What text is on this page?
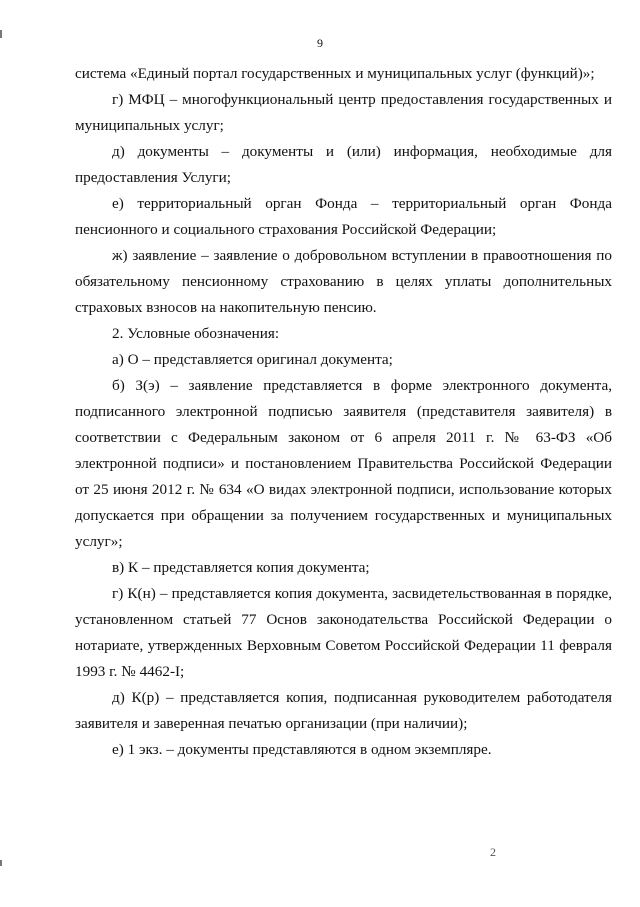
9

система «Единый портал государственных и муниципальных услуг (функций)»;

г) МФЦ – многофункциональный центр предоставления государственных и муниципальных услуг;

д) документы – документы и (или) информация, необходимые для предоставления Услуги;

е) территориальный орган Фонда – территориальный орган Фонда пенсионного и социального страхования Российской Федерации;

ж) заявление – заявление о добровольном вступлении в правоотношения по обязательному пенсионному страхованию в целях уплаты дополнительных страховых взносов на накопительную пенсию.

2. Условные обозначения:

а) О – представляется оригинал документа;

б) З(э) – заявление представляется в форме электронного документа, подписанного электронной подписью заявителя (представителя заявителя) в соответствии с Федеральным законом от 6 апреля 2011 г. № 63-ФЗ «Об электронной подписи» и постановлением Правительства Российской Федерации от 25 июня 2012 г. № 634 «О видах электронной подписи, использование которых допускается при обращении за получением государственных и муниципальных услуг»;

в) К – представляется копия документа;

г) К(н) – представляется копия документа, засвидетельствованная в порядке, установленном статьей 77 Основ законодательства Российской Федерации о нотариате, утвержденных Верховным Советом Российской Федерации 11 февраля 1993 г. № 4462-I;

д) К(р) – представляется копия, подписанная руководителем работодателя заявителя и заверенная печатью организации (при наличии);

е) 1 экз. – документы представляются в одном экземпляре.

2
